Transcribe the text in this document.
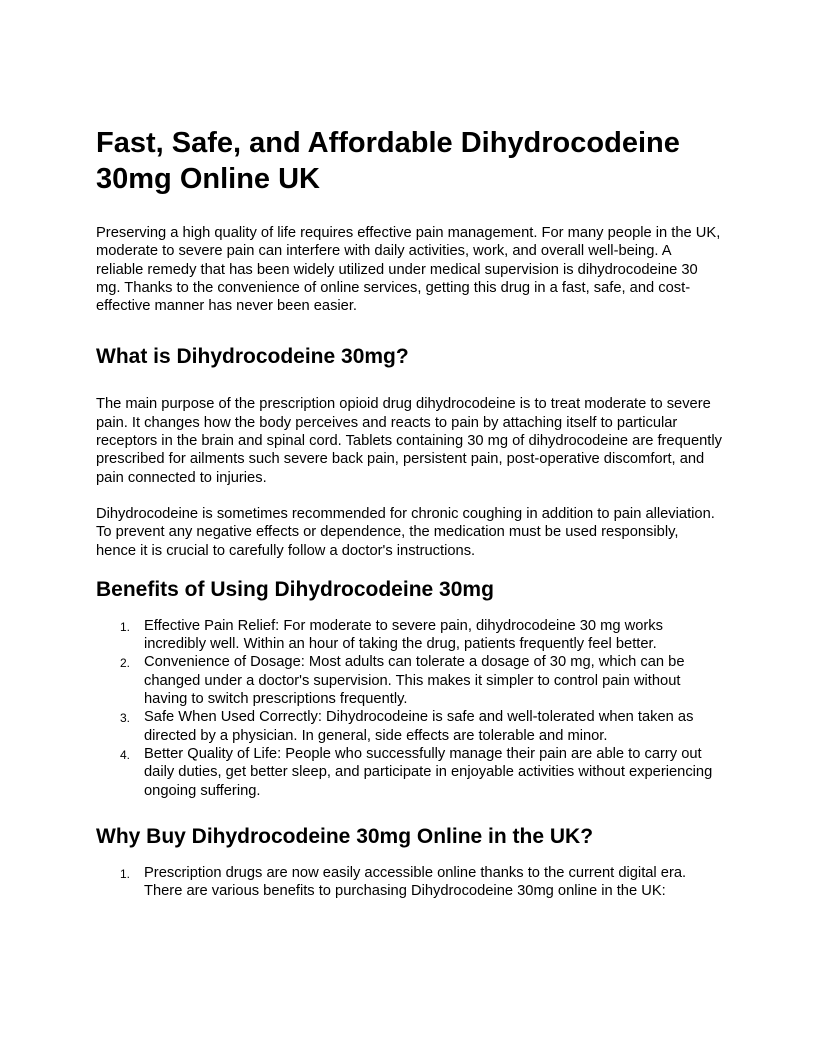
Fast, Safe, and Affordable Dihydrocodeine 30mg Online UK

Preserving a high quality of life requires effective pain management. For many people in the UK, moderate to severe pain can interfere with daily activities, work, and overall well-being. A reliable remedy that has been widely utilized under medical supervision is dihydrocodeine 30 mg. Thanks to the convenience of online services, getting this drug in a fast, safe, and cost-effective manner has never been easier.

What is Dihydrocodeine 30mg?

The main purpose of the prescription opioid drug dihydrocodeine is to treat moderate to severe pain. It changes how the body perceives and reacts to pain by attaching itself to particular receptors in the brain and spinal cord. Tablets containing 30 mg of dihydrocodeine are frequently prescribed for ailments such severe back pain, persistent pain, post-operative discomfort, and pain connected to injuries.

Dihydrocodeine is sometimes recommended for chronic coughing in addition to pain alleviation. To prevent any negative effects or dependence, the medication must be used responsibly, hence it is crucial to carefully follow a doctor's instructions.

Benefits of Using Dihydrocodeine 30mg
1. Effective Pain Relief: For moderate to severe pain, dihydrocodeine 30 mg works incredibly well. Within an hour of taking the drug, patients frequently feel better.
2. Convenience of Dosage: Most adults can tolerate a dosage of 30 mg, which can be changed under a doctor's supervision. This makes it simpler to control pain without having to switch prescriptions frequently.
3. Safe When Used Correctly: Dihydrocodeine is safe and well-tolerated when taken as directed by a physician. In general, side effects are tolerable and minor.
4. Better Quality of Life: People who successfully manage their pain are able to carry out daily duties, get better sleep, and participate in enjoyable activities without experiencing ongoing suffering.
Why Buy Dihydrocodeine 30mg Online in the UK?
1. Prescription drugs are now easily accessible online thanks to the current digital era. There are various benefits to purchasing Dihydrocodeine 30mg online in the UK:
